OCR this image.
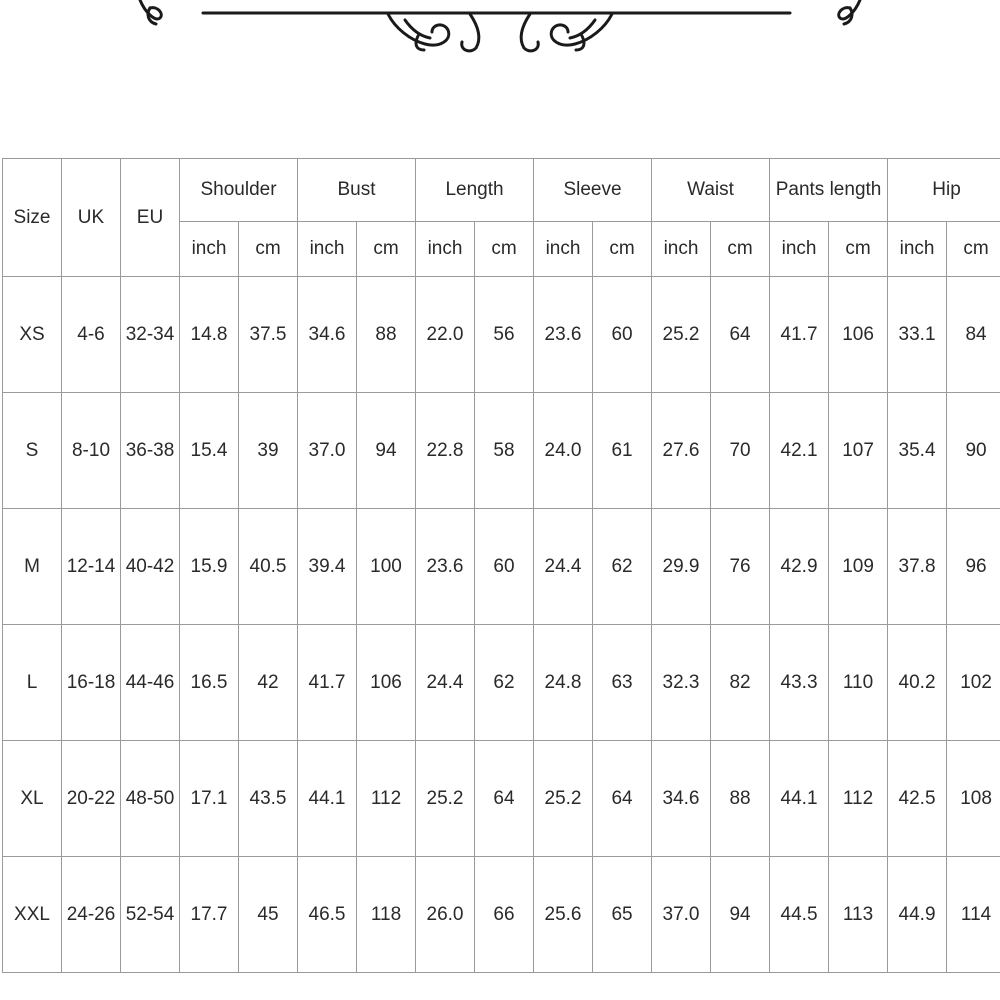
Size	UK	EU	Shoulder		Bust		Length		Sleeve		Waist		Pants length		Hip	
			inch	cm	inch	cm	inch	cm	inch	cm	inch	cm	inch	cm	inch	cm
XS	4-6	32-34	14.8	37.5	34.6	88	22.0	56	23.6	60	25.2	64	41.7	106	33.1	84
S	8-10	36-38	15.4	39	37.0	94	22.8	58	24.0	61	27.6	70	42.1	107	35.4	90
M	12-14	40-42	15.9	40.5	39.4	100	23.6	60	24.4	62	29.9	76	42.9	109	37.8	96
L	16-18	44-46	16.5	42	41.7	106	24.4	62	24.8	63	32.3	82	43.3	110	40.2	102
XL	20-22	48-50	17.1	43.5	44.1	112	25.2	64	25.2	64	34.6	88	44.1	112	42.5	108
XXL	24-26	52-54	17.7	45	46.5	118	26.0	66	25.6	65	37.0	94	44.5	113	44.9	114
